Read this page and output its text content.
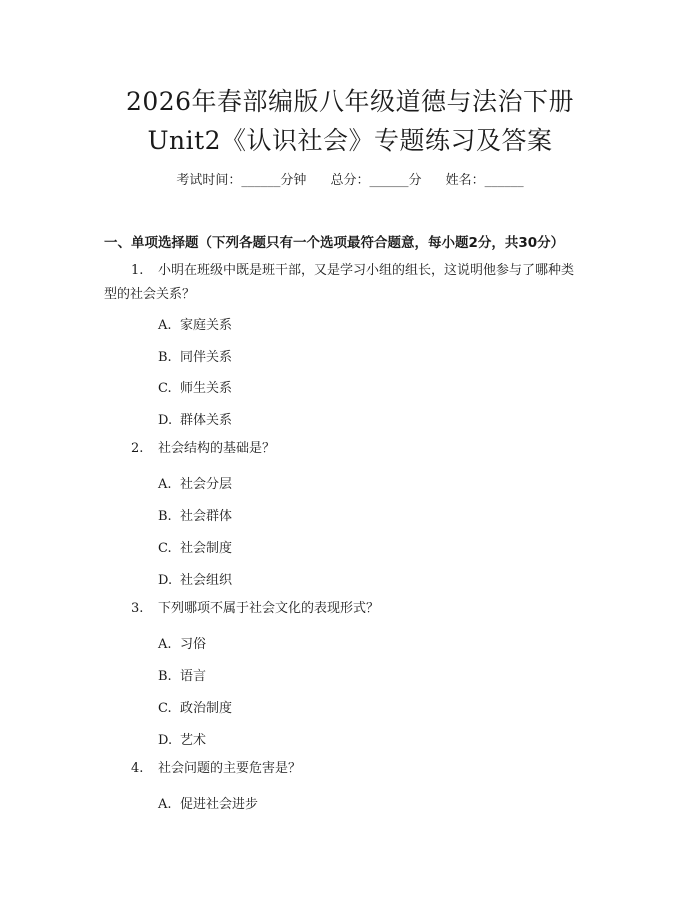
2026年春部编版八年级道德与法治下册
Unit2《认识社会》专题练习及答案
考试时间：______分钟 总分：______分 姓名：______
一、单项选择题（下列各题只有一个选项最符合题意，每小题2分，共30分）
1. 小明在班级中既是班干部，又是学习小组的组长，这说明他参与了哪种类
型的社会关系？
A. 家庭关系
B. 同伴关系
C. 师生关系
D. 群体关系
2. 社会结构的基础是？
A. 社会分层
B. 社会群体
C. 社会制度
D. 社会组织
3. 下列哪项不属于社会文化的表现形式？
A. 习俗
B. 语言
C. 政治制度
D. 艺术
4. 社会问题的主要危害是？
A. 促进社会进步
